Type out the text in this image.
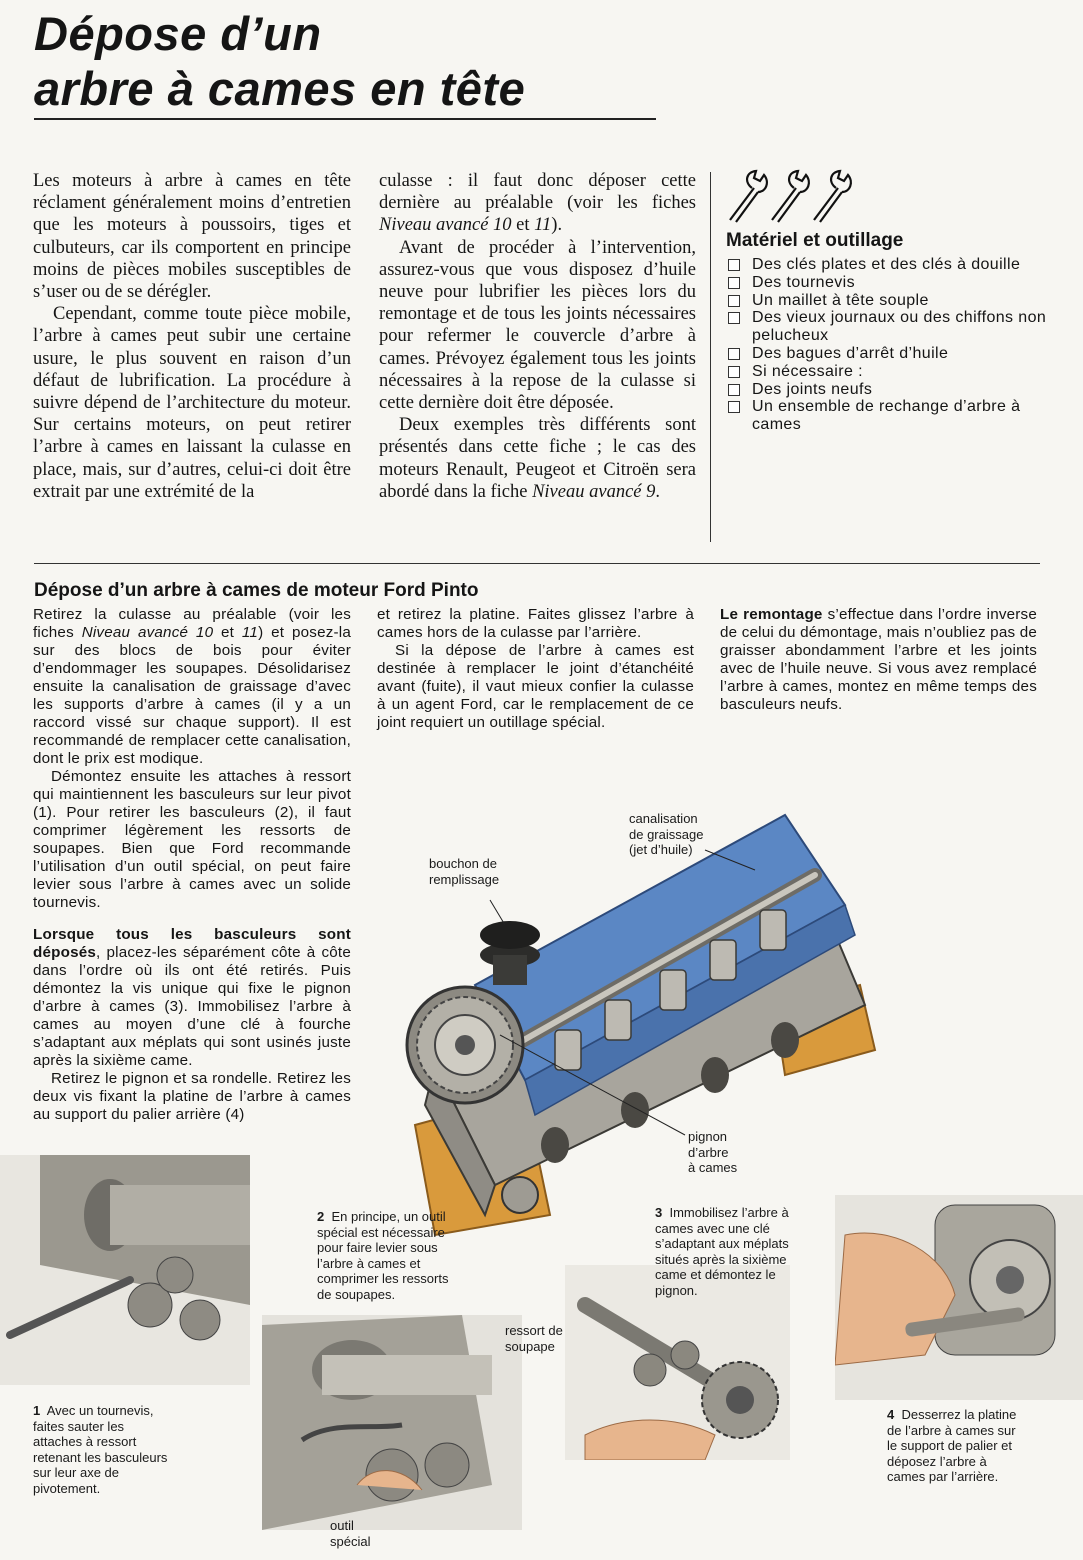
Dépose d’un
arbre à cames en tête

Les moteurs à arbre à cames en tête réclament généralement moins d’entretien que les moteurs à poussoirs, tiges et culbuteurs, car ils comportent en principe moins de pièces mobiles susceptibles de s’user ou de se dérégler.

Cependant, comme toute pièce mobile, l’arbre à cames peut subir une certaine usure, le plus souvent en raison d’un défaut de lubrification. La procédure à suivre dépend de l’architecture du moteur. Sur certains moteurs, on peut retirer l’arbre à cames en laissant la culasse en place, mais, sur d’autres, celui-ci doit être extrait par une extrémité de la

culasse : il faut donc déposer cette dernière au préalable (voir les fiches Niveau avancé 10 et 11).

Avant de procéder à l’intervention, assurez-vous que vous disposez d’huile neuve pour lubrifier les pièces lors du remontage et de tous les joints nécessaires pour refermer le couvercle d’arbre à cames. Prévoyez également tous les joints nécessaires à la repose de la culasse si cette dernière doit être déposée.

Deux exemples très différents sont présentés dans cette fiche ; le cas des moteurs Renault, Peugeot et Citroën sera abordé dans la fiche Niveau avancé 9.

Matériel et outillage
Des clés plates et des clés à douille
Des tournevis
Un maillet à tête souple
Des vieux journaux ou des chiffons non pelucheux
Des bagues d’arrêt d’huile
Si nécessaire :
Des joints neufs
Un ensemble de rechange d’arbre à cames
Dépose d’un arbre à cames de moteur Ford Pinto

Retirez la culasse au préalable (voir les fiches Niveau avancé 10 et 11) et posez-la sur des blocs de bois pour éviter d’endommager les soupapes. Désolidarisez ensuite la canalisation de graissage d’avec les supports d’arbre à cames (il y a un raccord vissé sur chaque support). Il est recommandé de remplacer cette canalisation, dont le prix est modique.

Démontez ensuite les attaches à ressort qui maintiennent les basculeurs sur leur pivot (1). Pour retirer les basculeurs (2), il faut comprimer légèrement les ressorts de soupapes. Bien que Ford recommande l’utilisation d’un outil spécial, on peut faire levier sous l’arbre à cames avec un solide tournevis.

Lorsque tous les basculeurs sont déposés, placez-les séparément côte à côte dans l’ordre où ils ont été retirés. Puis démontez la vis unique qui fixe le pignon d’arbre à cames (3). Immobilisez l’arbre à cames au moyen d’une clé à fourche s’adaptant aux méplats qui sont usinés juste après la sixième came.

Retirez le pignon et sa rondelle. Retirez les deux vis fixant la platine de l’arbre à cames au support du palier arrière (4)

et retirez la platine. Faites glissez l’arbre à cames hors de la culasse par l’arrière.

Si la dépose de l’arbre à cames est destinée à remplacer le joint d’étanchéité avant (fuite), il vaut mieux confier la culasse à un agent Ford, car le remplacement de ce joint requiert un outillage spécial.

Le remontage s’effectue dans l’ordre inverse de celui du démontage, mais n’oubliez pas de graisser abondamment l’arbre et les joints avec de l’huile neuve. Si vous avez remplacé l’arbre à cames, montez en même temps des basculeurs neufs.

canalisation
de graissage
(jet d’huile)
bouchon de
remplissage
pignon
d’arbre
à cames
ressort de
soupape
outil
spécial
1 Avec un tournevis,
faites sauter les
attaches à ressort
retenant les basculeurs
sur leur axe de
pivotement.
2 En principe, un outil
spécial est nécessaire
pour faire levier sous
l’arbre à cames et
comprimer les ressorts
de soupapes.
3 Immobilisez l’arbre à
cames avec une clé
s’adaptant aux méplats
situés après la sixième
came et démontez le
pignon.
4 Desserrez la platine
de l’arbre à cames sur
le support de palier et
déposez l’arbre à
cames par l’arrière.
